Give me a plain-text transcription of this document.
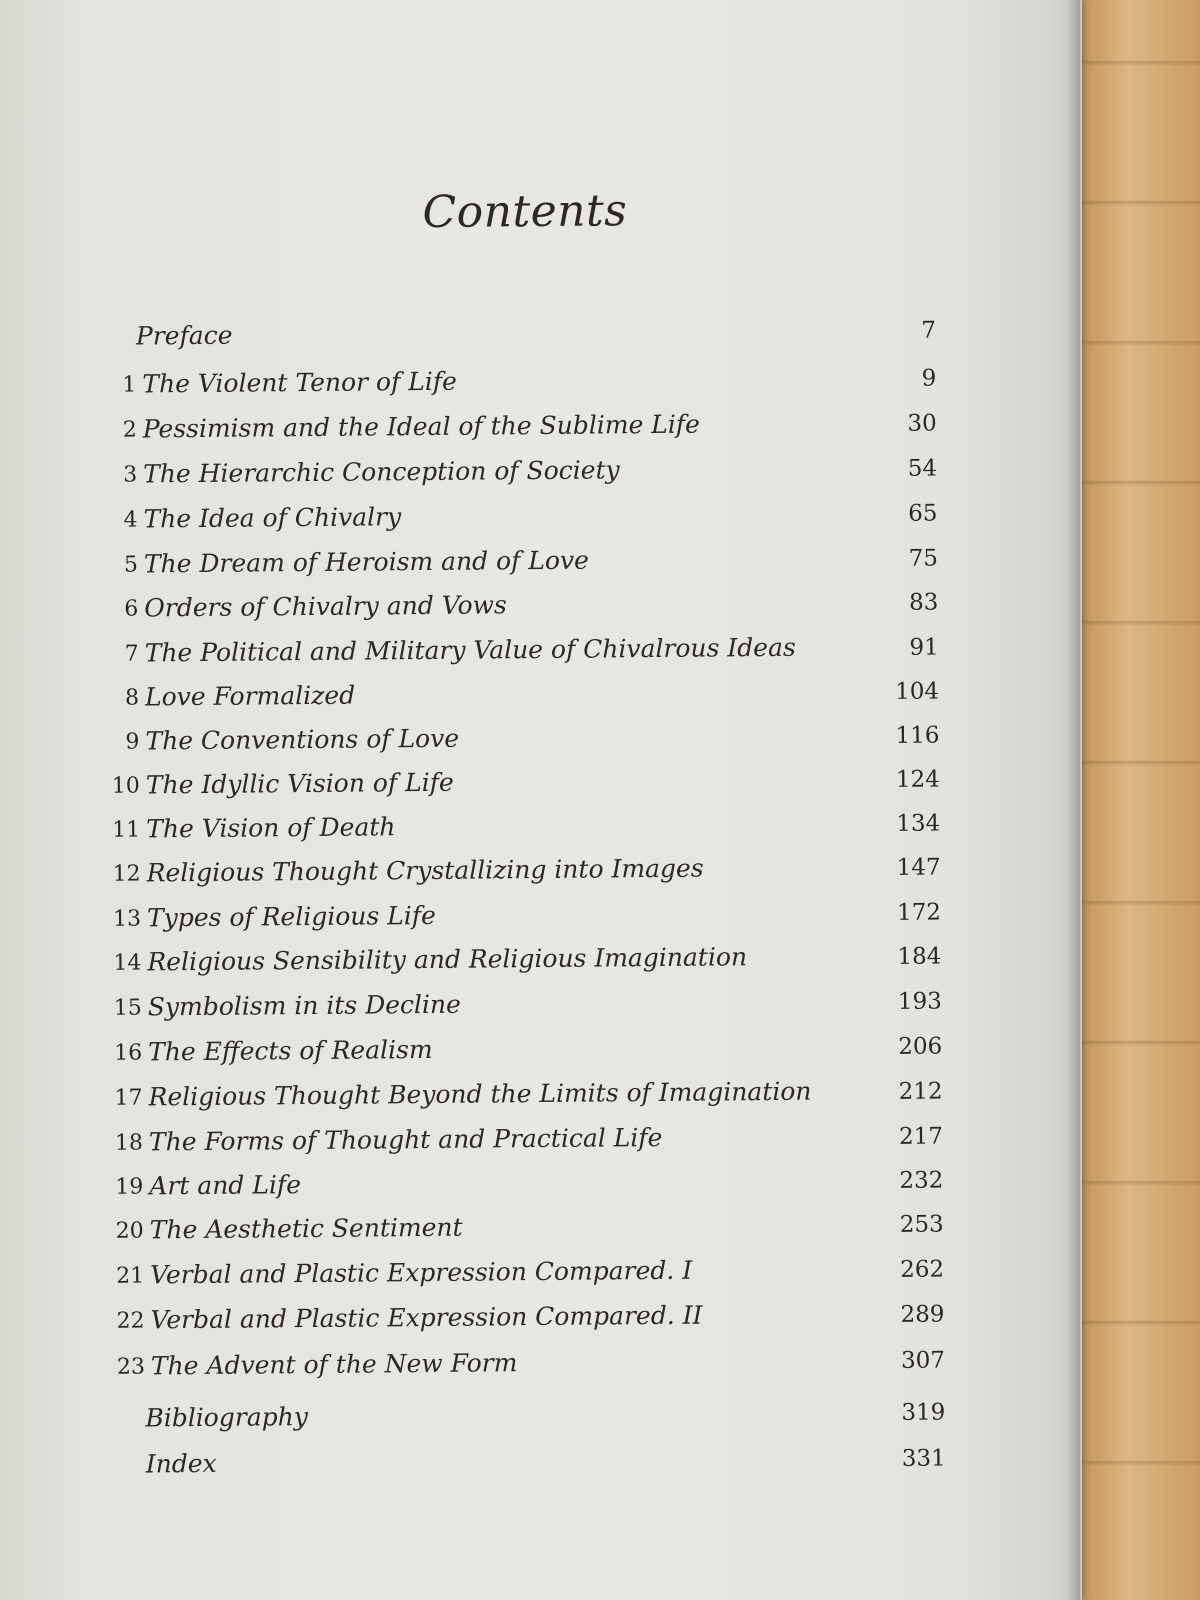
Contents
Preface	7
1 The Violent Tenor of Life	9
2 Pessimism and the Ideal of the Sublime Life	30
3 The Hierarchic Conception of Society	54
4 The Idea of Chivalry	65
5 The Dream of Heroism and of Love	75
6 Orders of Chivalry and Vows	83
7 The Political and Military Value of Chivalrous Ideas	91
8 Love Formalized	104
9 The Conventions of Love	116
10 The Idyllic Vision of Life	124
11 The Vision of Death	134
12 Religious Thought Crystallizing into Images	147
13 Types of Religious Life	172
14 Religious Sensibility and Religious Imagination	184
15 Symbolism in its Decline	193
16 The Effects of Realism	206
17 Religious Thought Beyond the Limits of Imagination	212
18 The Forms of Thought and Practical Life	217
19 Art and Life	232
20 The Aesthetic Sentiment	253
21 Verbal and Plastic Expression Compared. I	262
22 Verbal and Plastic Expression Compared. II	289
23 The Advent of the New Form	307
Bibliography	319
Index	331
